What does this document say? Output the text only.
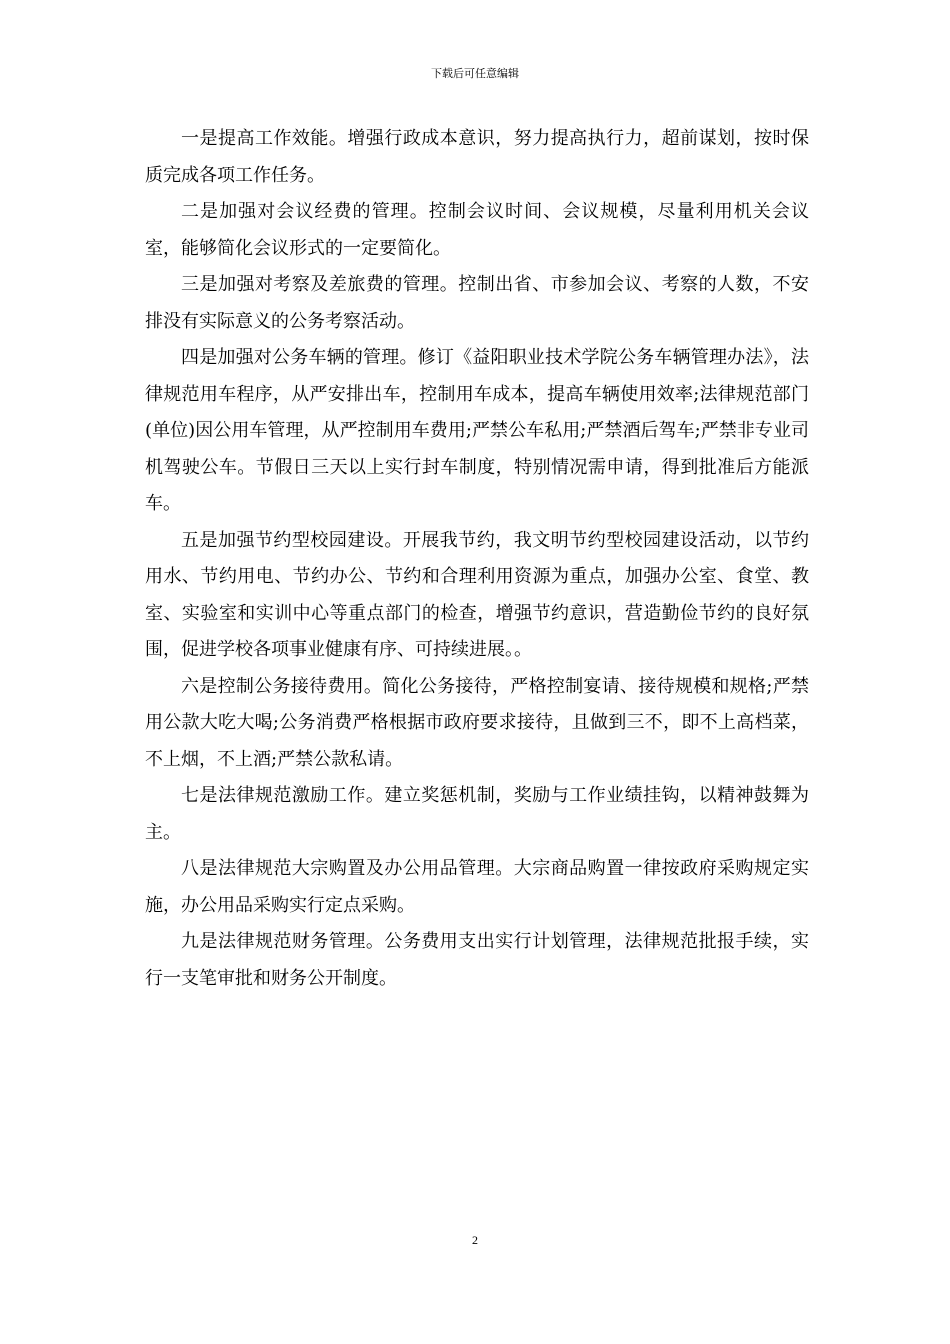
下载后可任意编辑

一是提高工作效能。增强行政成本意识，努力提高执行力，超前谋划，按时保质完成各项工作任务。

二是加强对会议经费的管理。控制会议时间、会议规模，尽量利用机关会议室，能够简化会议形式的一定要简化。

三是加强对考察及差旅费的管理。控制出省、市参加会议、考察的人数，不安排没有实际意义的公务考察活动。

四是加强对公务车辆的管理。修订《益阳职业技术学院公务车辆管理办法》，法律规范用车程序，从严安排出车，控制用车成本，提高车辆使用效率;法律规范部门(单位)因公用车管理，从严控制用车费用;严禁公车私用;严禁酒后驾车;严禁非专业司机驾驶公车。节假日三天以上实行封车制度，特别情况需申请，得到批准后方能派车。

五是加强节约型校园建设。开展我节约，我文明节约型校园建设活动，以节约用水、节约用电、节约办公、节约和合理利用资源为重点，加强办公室、食堂、教室、实验室和实训中心等重点部门的检查，增强节约意识，营造勤俭节约的良好氛围，促进学校各项事业健康有序、可持续进展。。

六是控制公务接待费用。简化公务接待，严格控制宴请、接待规模和规格;严禁用公款大吃大喝;公务消费严格根据市政府要求接待，且做到三不，即不上高档菜，不上烟，不上酒;严禁公款私请。

七是法律规范激励工作。建立奖惩机制，奖励与工作业绩挂钩，以精神鼓舞为主。

八是法律规范大宗购置及办公用品管理。大宗商品购置一律按政府采购规定实施，办公用品采购实行定点采购。

九是法律规范财务管理。公务费用支出实行计划管理，法律规范批报手续，实行一支笔审批和财务公开制度。

2
